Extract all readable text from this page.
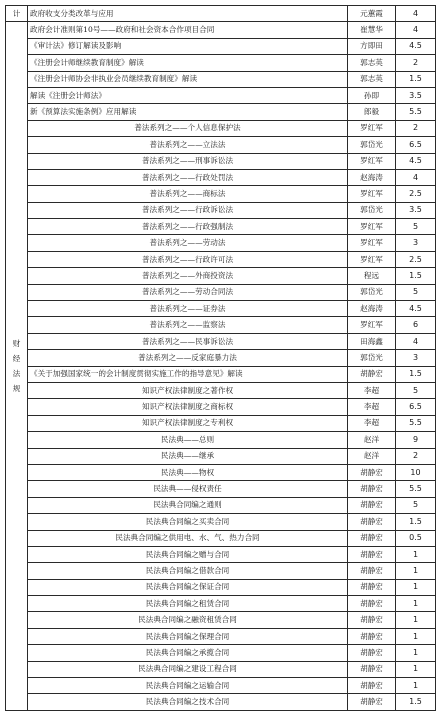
计	政府收支分类改革与应用	元蕙霞	4
财经法规	政府会计准则第10号——政府和社会资本合作项目合同	崔慧华	4
	《审计法》修订解读及影响	方即田	4.5
	《注册会计师继续教育制度》解读	郭志英	2
	《注册会计师协会非执业会员继续教育制度》解读	郭志英	1.5
	解读《注册会计师法》	孙即	3.5
	新《预算法实施条例》应用解读	郎毅	5.5
	普法系列之——个人信息保护法	罗红军	2
	普法系列之——立法法	郭岱光	6.5
	普法系列之——刑事诉讼法	罗红军	4.5
	普法系列之——行政处罚法	赵海涛	4
	普法系列之——商标法	罗红军	2.5
	普法系列之——行政诉讼法	郭岱光	3.5
	普法系列之——行政强制法	罗红军	5
	普法系列之——劳动法	罗红军	3
	普法系列之——行政许可法	罗红军	2.5
	普法系列之——外商投资法	程远	1.5
	普法系列之——劳动合同法	郭岱光	5
	普法系列之——证券法	赵海涛	4.5
	普法系列之——监察法	罗红军	6
	普法系列之——民事诉讼法	田海鑫	4
	普法系列之——反家庭暴力法	郭岱光	3
	《关于加强国家统一的会计制度贯彻实施工作的指导意见》解读	胡静宏	1.5
	知识产权法律制度之著作权	李超	5
	知识产权法律制度之商标权	李超	6.5
	知识产权法律制度之专利权	李超	5.5
	民法典——总则	赵洋	9
	民法典——继承	赵洋	2
	民法典——物权	胡静宏	10
	民法典——侵权责任	胡静宏	5.5
	民法典合同编之通则	胡静宏	5
	民法典合同编之买卖合同	胡静宏	1.5
	民法典合同编之供用电、水、气、热力合同	胡静宏	0.5
	民法典合同编之赠与合同	胡静宏	1
	民法典合同编之借款合同	胡静宏	1
	民法典合同编之保证合同	胡静宏	1
	民法典合同编之租赁合同	胡静宏	1
	民法典合同编之融资租赁合同	胡静宏	1
	民法典合同编之保理合同	胡静宏	1
	民法典合同编之承揽合同	胡静宏	1
	民法典合同编之建设工程合同	胡静宏	1
	民法典合同编之运输合同	胡静宏	1
	民法典合同编之技术合同	胡静宏	1.5
